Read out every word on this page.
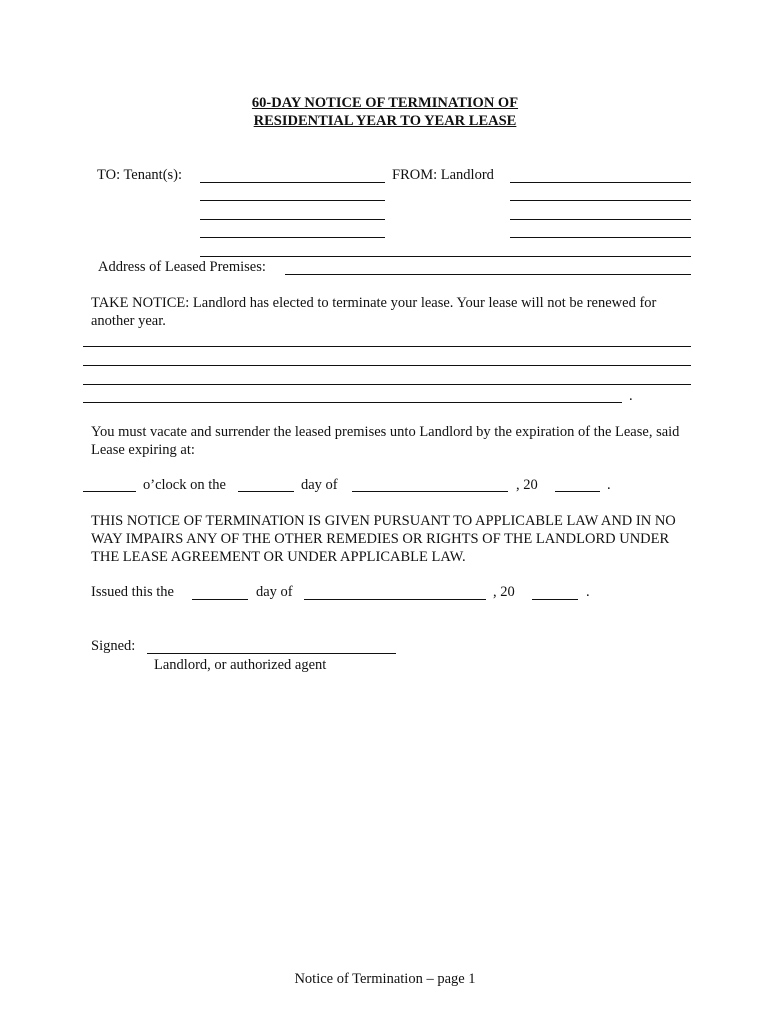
60-DAY NOTICE OF TERMINATION OF
RESIDENTIAL YEAR TO YEAR LEASE
TO: Tenant(s):	FROM: Landlord
Address of Leased Premises:
TAKE NOTICE: Landlord has elected to terminate your lease. Your lease will not be renewed for another year.
.
You must vacate and surrender the leased premises unto Landlord by the expiration of the Lease, said Lease expiring at:
o’clock on the	day of	, 20	.
THIS NOTICE OF TERMINATION IS GIVEN PURSUANT TO APPLICABLE LAW AND IN NO WAY IMPAIRS ANY OF THE OTHER REMEDIES OR RIGHTS OF THE LANDLORD UNDER THE LEASE AGREEMENT OR UNDER APPLICABLE LAW.
Issued this the	day of	, 20	.
Signed:
Landlord, or authorized agent
Notice of Termination – page 1
